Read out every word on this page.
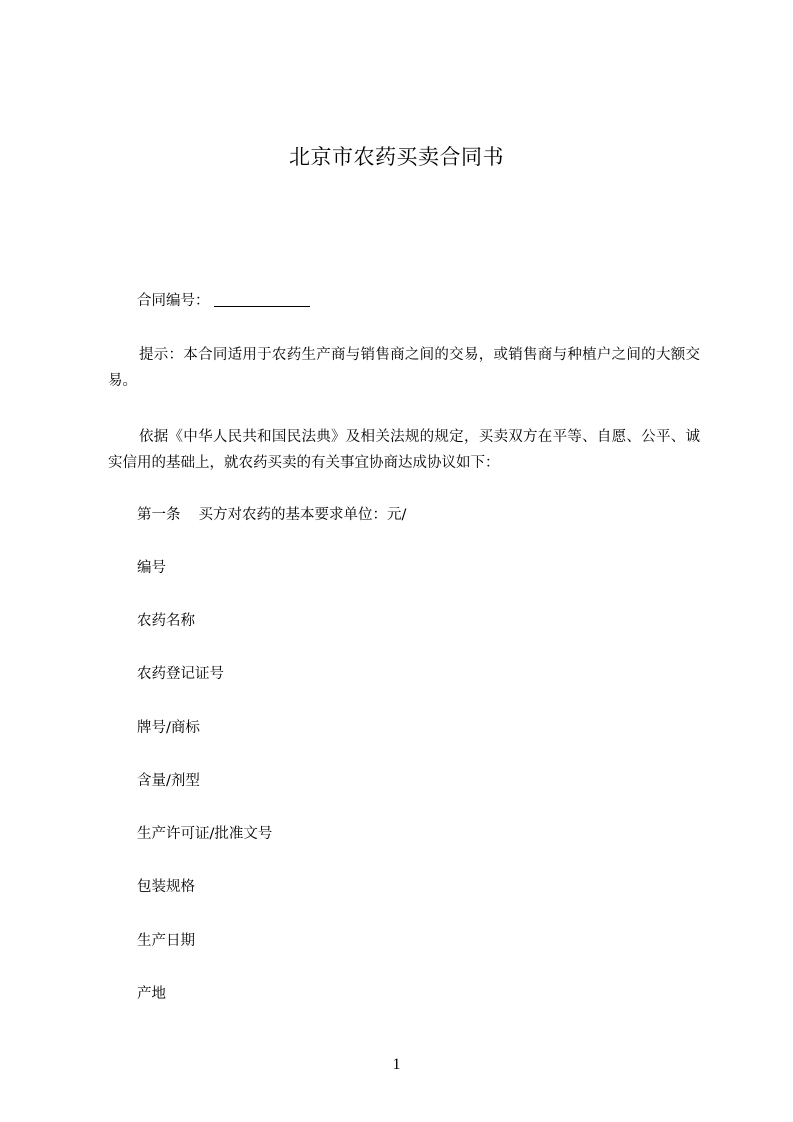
北京市农药买卖合同书
合同编号：
提示：本合同适用于农药生产商与销售商之间的交易，或销售商与种植户之间的大额交易。
依据《中华人民共和国民法典》及相关法规的规定，买卖双方在平等、自愿、公平、诚实信用的基础上，就农药买卖的有关事宜协商达成协议如下：
第一条 买方对农药的基本要求单位：元/
编号
农药名称
农药登记证号
牌号/商标
含量/剂型
生产许可证/批准文号
包装规格
生产日期
产地
1
